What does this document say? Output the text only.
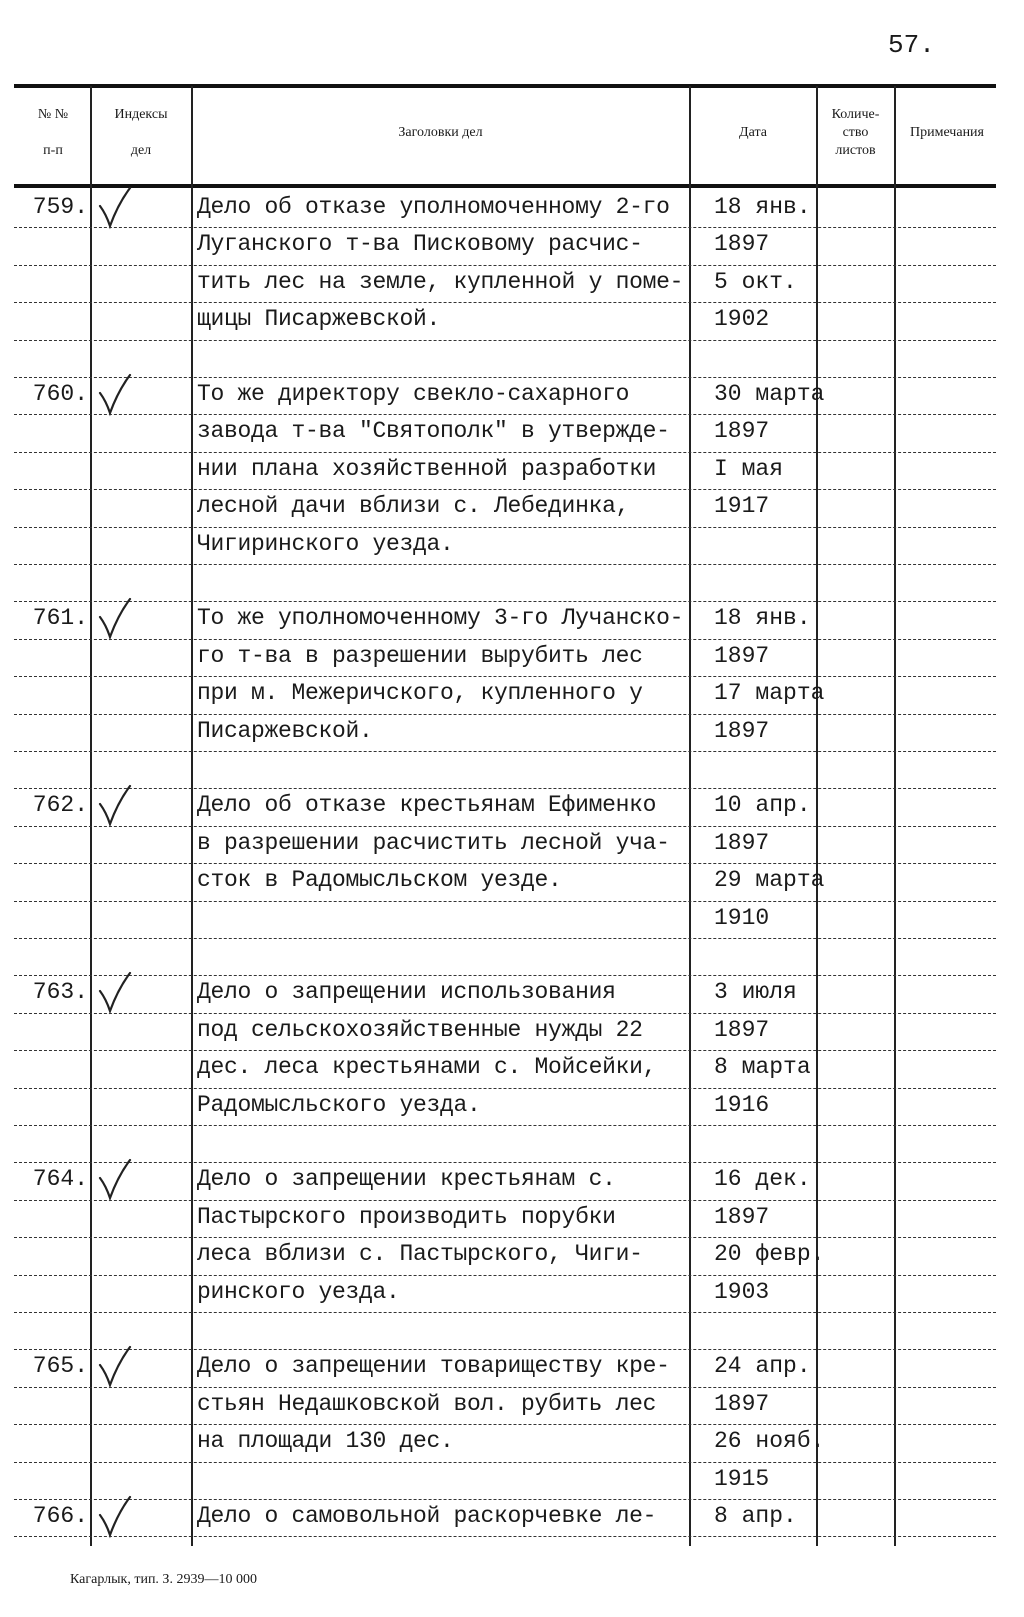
57.
№ №
п-п
Индексы
дел
Заголовки дел	Дата
Количе-
ство
листов
Примечания
759.	Дело об отказе уполномоченному 2-го 18 янв.
Луганского т-ва Писковому расчис-	1897
тить лес на земле, купленной у поме- 5 окт.
щицы Писаржевской.	1902
760.	То же директору свекло-сахарного	30 марта
завода т-ва "Святополк" в утвержде- 1897
нии плана хозяйственной разработки	I мая
лесной дачи вблизи с. Лебединка,	1917
Чигиринского уезда.
761.	То же уполномоченному 3-го Лучанско- 18 янв.
го т-ва в разрешении вырубить лес	1897
при м. Межеричского, купленного у	17 марта
Писаржевской.	1897
762.	Дело об отказе крестьянам Ефименко	10 апр.
в разрешении расчистить лесной уча- 1897
сток в Радомысльском уезде.	29 марта
1910
763.	Дело о запрещении использования	3 июля
под сельскохозяйственные нужды 22	1897
дес. леса крестьянами с. Мойсейки,	8 марта
Радомысльского уезда.	1916
764.	Дело о запрещении крестьянам с.	16 дек.
Пастырского производить порубки	1897
леса вблизи с. Пастырского, Чиги-	20 февр.
ринского уезда.	1903
765.	Дело о запрещении товариществу кре- 24 апр.
стьян Недашковской вол. рубить лес	1897
на площади 130 дес.	26 нояб.
1915
766.	Дело о самовольной раскорчевке ле-	8 апр.
Кагарлык, тип. З. 2939—10 000
